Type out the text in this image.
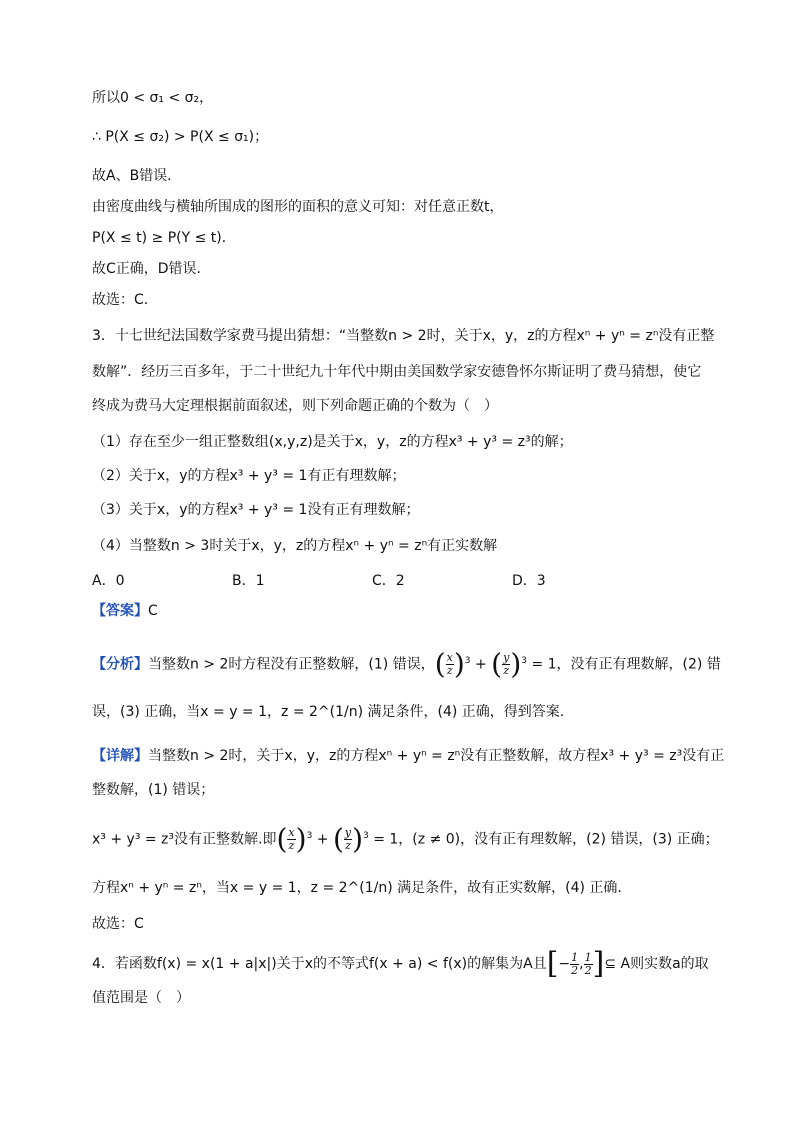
所以0 < σ₁ < σ₂，
∴ P(X ≤ σ₂) > P(X ≤ σ₁)；
故A、B错误．
由密度曲线与横轴所围成的图形的面积的意义可知：对任意正数t，
P(X ≤ t) ≥ P(Y ≤ t)．
故C正确，D错误．
故选：C．
3．十七世纪法国数学家费马提出猜想：“当整数n > 2时，关于x，y，z的方程xⁿ + yⁿ = zⁿ没有正整
数解”．经历三百多年，于二十世纪九十年代中期由美国数学家安德鲁怀尔斯证明了费马猜想，使它
终成为费马大定理根据前面叙述，则下列命题正确的个数为（　）
（1）存在至少一组正整数组(x,y,z)是关于x，y，z的方程x³ + y³ = z³的解；
（2）关于x，y的方程x³ + y³ = 1有正有理数解；
（3）关于x，y的方程x³ + y³ = 1没有正有理数解；
（4）当整数n > 3时关于x，y，z的方程xⁿ + yⁿ = zⁿ有正实数解
A．0	B．1	C．2	D．3
【答案】C
【分析】当整数n > 2时方程没有正整数解，(1) 错误，( $\frac{x}{z} )^3$ + ( $\frac{y}{z} )^3 = 1$，没有正有理数解，(2) 错
误，(3) 正确，当x = y = 1，z = 2^(1/n) 满足条件，(4) 正确，得到答案.
【详解】当整数n > 2时，关于x，y，z的方程xⁿ + yⁿ = zⁿ没有正整数解，故方程x³ + y³ = z³没有正
整数解，(1) 错误；
x³ + y³ = z³没有正整数解.即( $\frac{x}{z} )^3$ + ( $\frac{y}{z} )^3 = 1$，(z ≠ 0)，没有正有理数解，(2) 错误，(3) 正确；
方程xⁿ + yⁿ = zⁿ，当x = y = 1，z = 2^(1/n) 满足条件，故有正实数解，(4) 正确.
故选：C
4．若函数f(x) = x(1 + a|x|)关于x的不等式f(x + a) < f(x)的解集为A且[− $\frac{1}{2}$ , $\frac{1}{2}$ ]⊆ A则实数a的取
值范围是（　）
